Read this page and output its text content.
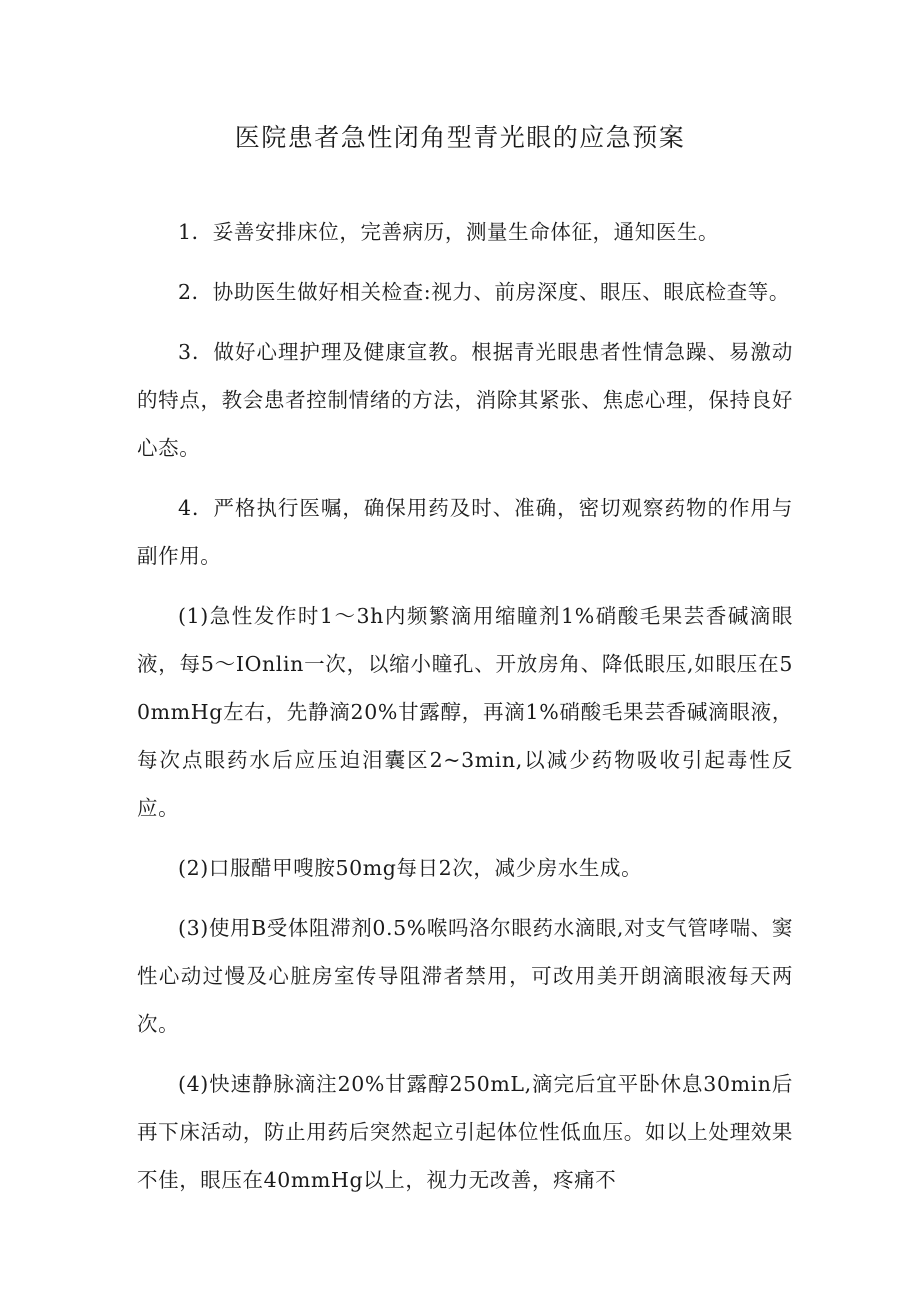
医院患者急性闭角型青光眼的应急预案

1．妥善安排床位，完善病历，测量生命体征，通知医生。

2．协助医生做好相关检查:视力、前房深度、眼压、眼底检查等。

3．做好心理护理及健康宣教。根据青光眼患者性情急躁、易激动的特点，教会患者控制情绪的方法，消除其紧张、焦虑心理，保持良好心态。

4．严格执行医嘱，确保用药及时、准确，密切观察药物的作用与副作用。

(1)急性发作时1～3h内频繁滴用缩瞳剂1%硝酸毛果芸香碱滴眼液，每5～IOnlin一次，以缩小瞳孔、开放房角、降低眼压,如眼压在50mmHg左右，先静滴20%甘露醇，再滴1%硝酸毛果芸香碱滴眼液，每次点眼药水后应压迫泪囊区2~3min,以减少药物吸收引起毒性反应。

(2)口服醋甲嗖胺50mg每日2次，减少房水生成。

(3)使用B受体阻滞剂0.5%喉吗洛尔眼药水滴眼,对支气管哮喘、窦性心动过慢及心脏房室传导阻滞者禁用，可改用美开朗滴眼液每天两次。

(4)快速静脉滴注20%甘露醇250mL,滴完后宜平卧休息30min后再下床活动，防止用药后突然起立引起体位性低血压。如以上处理效果不佳，眼压在40mmHg以上，视力无改善，疼痛不
